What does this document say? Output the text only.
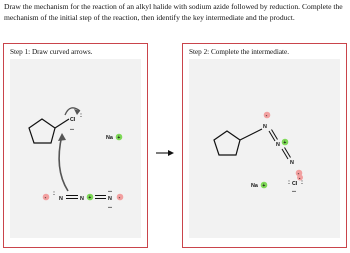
Draw the mechanism for the reaction of an alkyl halide with sodium azide followed by reduction. Complete the mechanism of the initial step of the reaction, then identify the key intermediate and the product.

Step 1: Draw curved arrows.

Cl
:
‥
Na +
-
:
N	N +	N
‥
‥
-

Step 2: Complete the intermediate.

-
N
N +
N
-
: Cl :
‥
-
Na +
